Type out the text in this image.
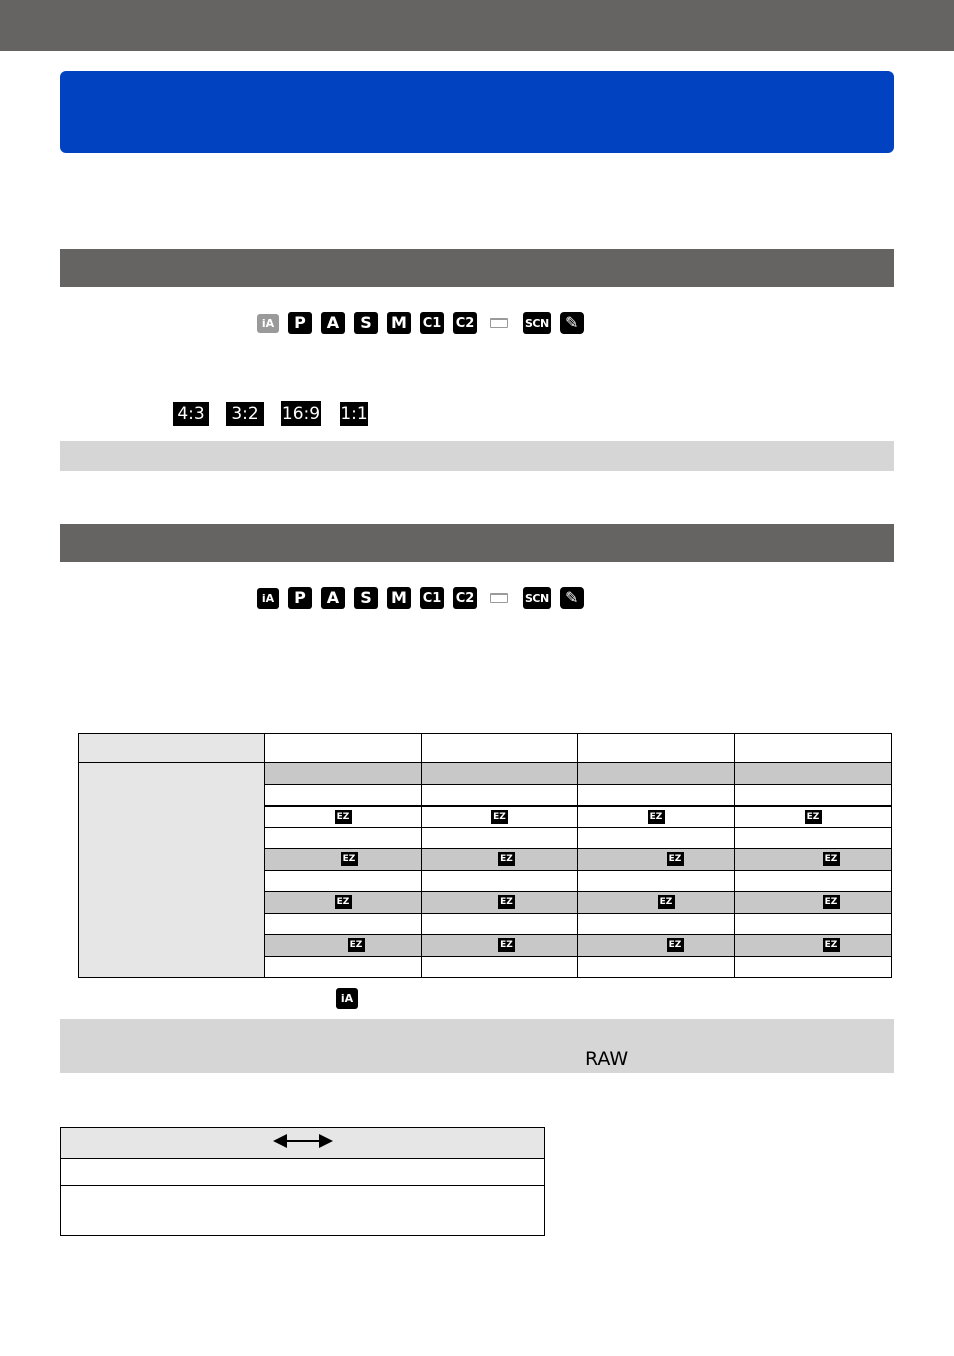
iA	P	A	S	M	C1 C2	SCN	✎
4:3	3:2	16:9 1:1
iA	P	A	S	M	C1 C2	SCN	✎

	EZ	EZ	EZ	EZ

	EZ	EZ	EZ	EZ

	EZ	EZ	EZ	EZ

	EZ	EZ	EZ	EZ

iA
RAW
